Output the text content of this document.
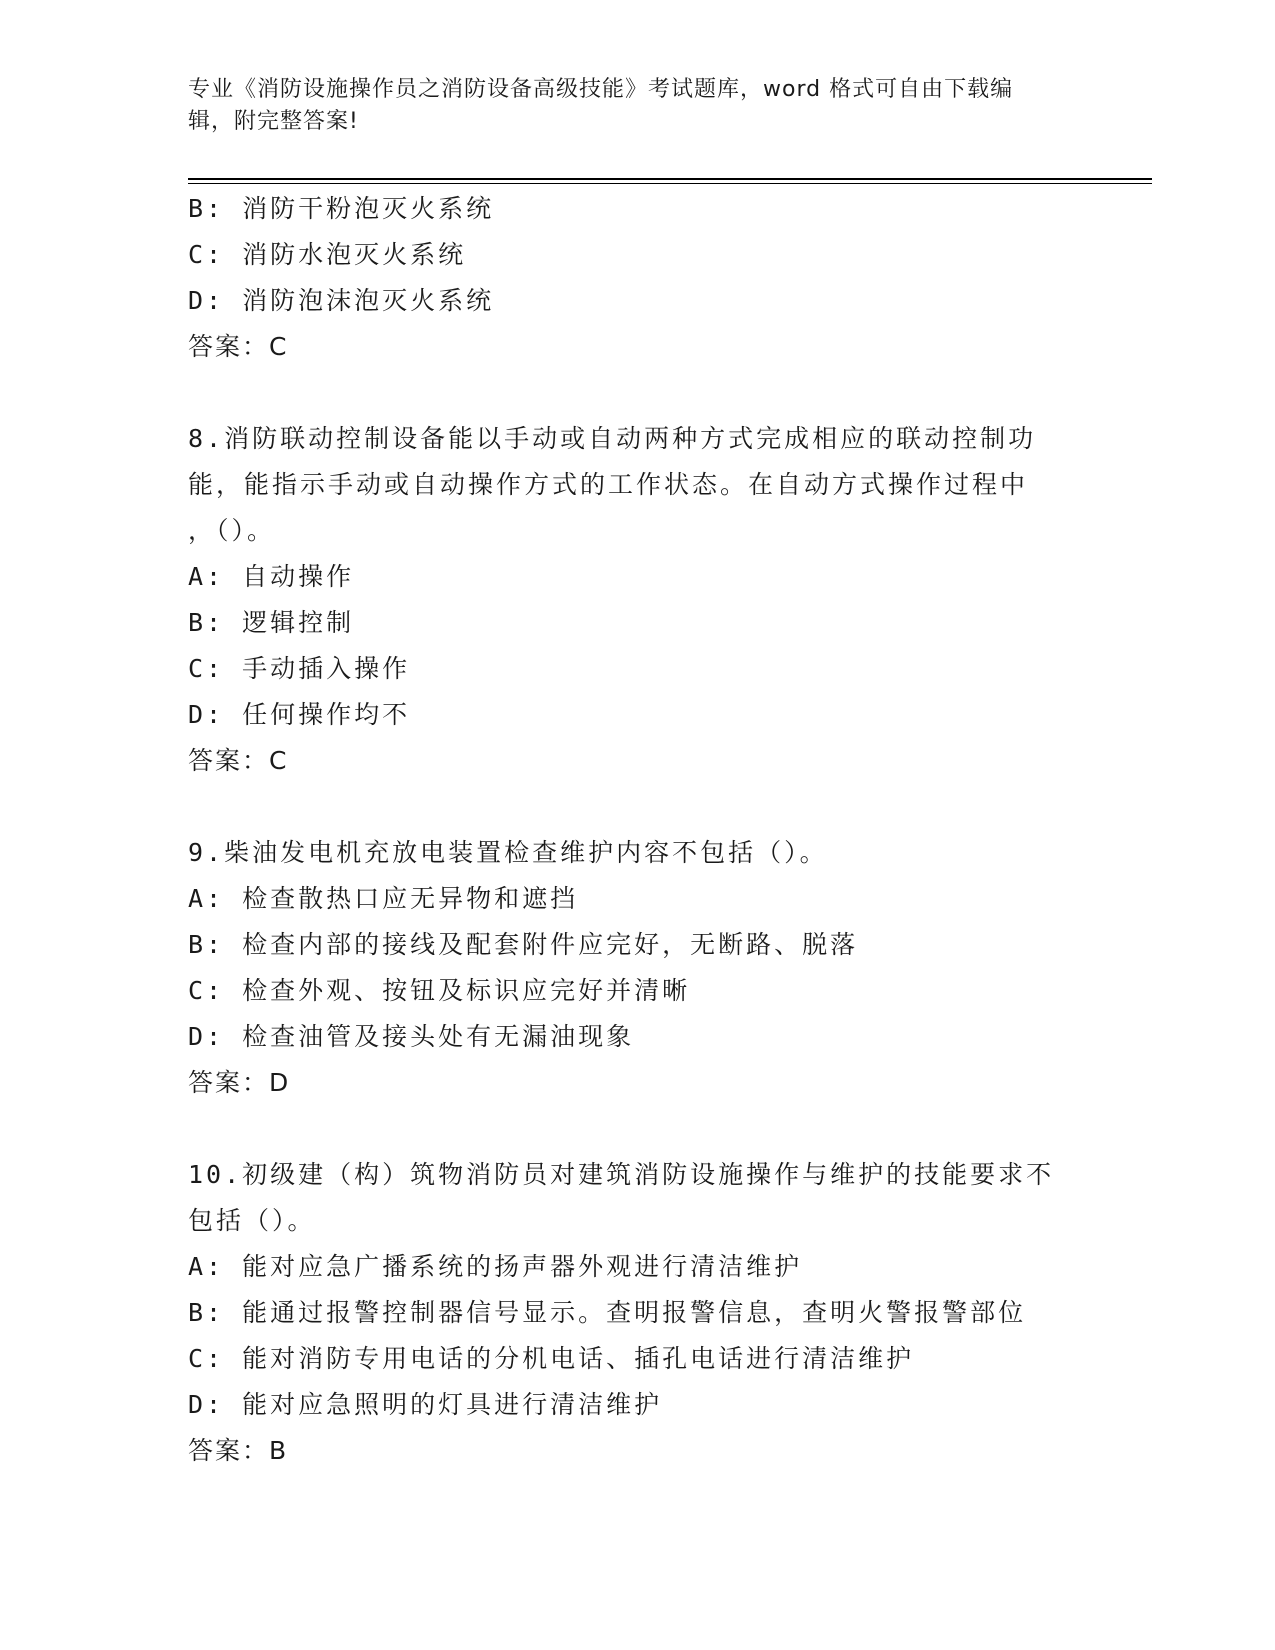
专业《消防设施操作员之消防设备高级技能》考试题库，word 格式可自由下载编
辑，附完整答案!
B: 消防干粉泡灭火系统
C: 消防水泡灭火系统
D: 消防泡沫泡灭火系统
答案：C
8.消防联动控制设备能以手动或自动两种方式完成相应的联动控制功
能，能指示手动或自动操作方式的工作状态。在自动方式操作过程中
，（）。
A: 自动操作
B: 逻辑控制
C: 手动插入操作
D: 任何操作均不
答案：C
9.柴油发电机充放电装置检查维护内容不包括（）。
A: 检查散热口应无异物和遮挡
B: 检查内部的接线及配套附件应完好，无断路、脱落
C: 检查外观、按钮及标识应完好并清晰
D: 检查油管及接头处有无漏油现象
答案：D
10.初级建（构）筑物消防员对建筑消防设施操作与维护的技能要求不
包括（）。
A: 能对应急广播系统的扬声器外观进行清洁维护
B: 能通过报警控制器信号显示。查明报警信息，查明火警报警部位
C: 能对消防专用电话的分机电话、插孔电话进行清洁维护
D: 能对应急照明的灯具进行清洁维护
答案：B
